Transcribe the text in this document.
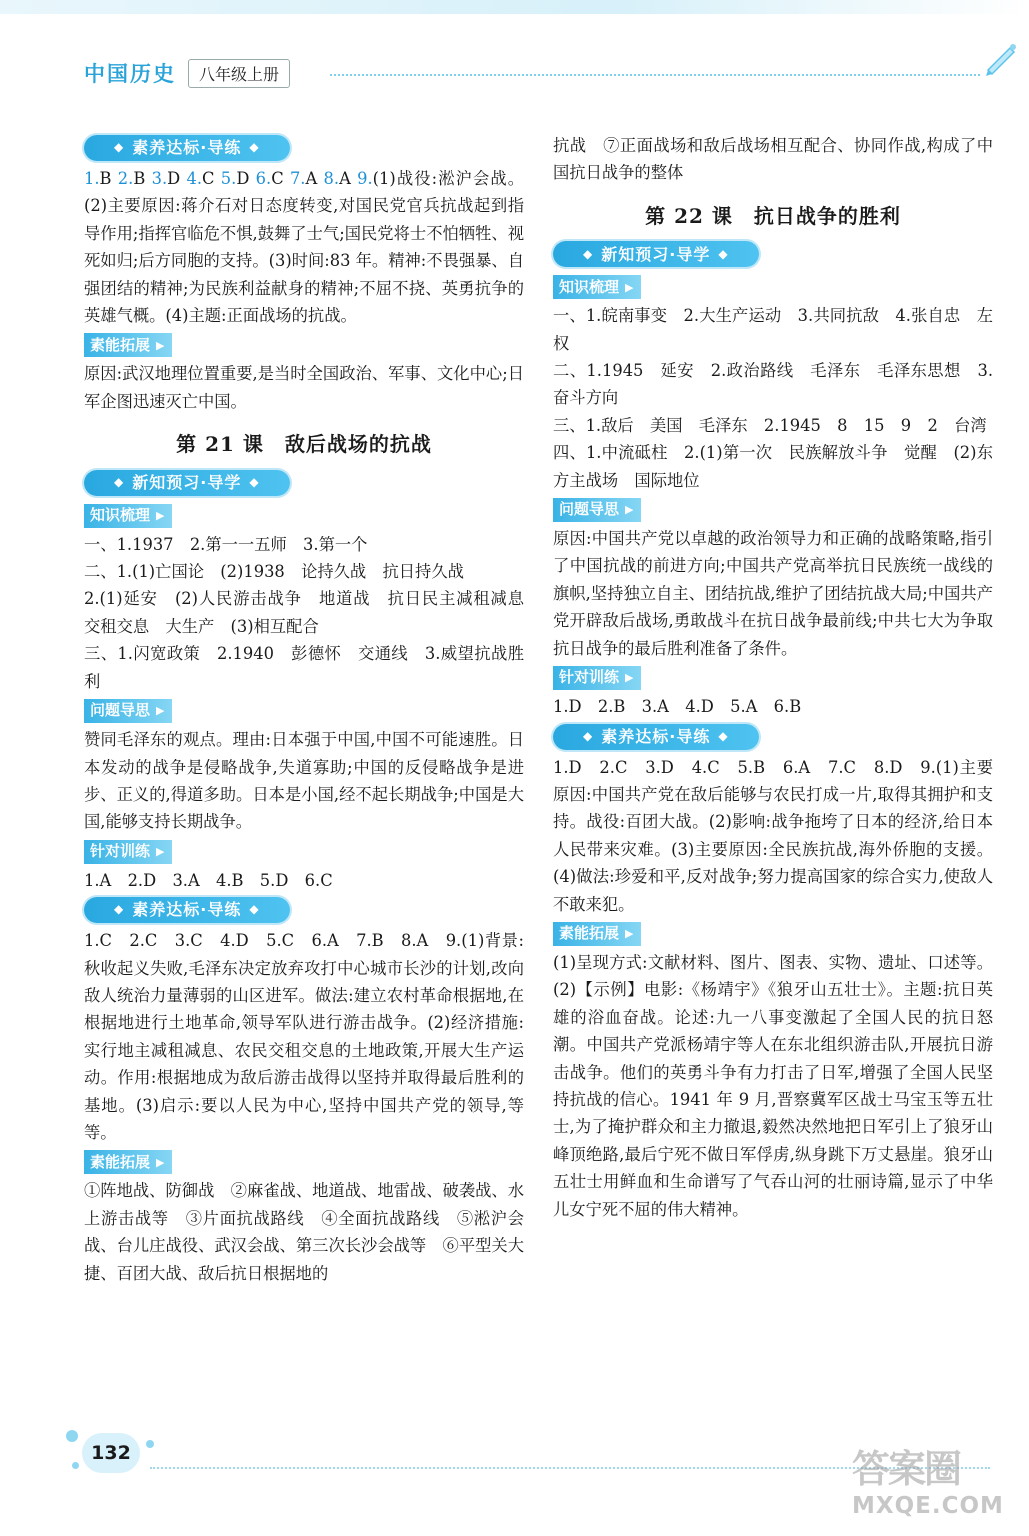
中国历史	八年级上册
◆ 素养达标·导练 ◆

1.B 2.B 3.D 4.C 5.D 6.C 7.A 8.A 9.(1)战役:淞沪会战。(2)主要原因:蒋介石对日态度转变,对国民党官兵抗战起到指导作用;指挥官临危不惧,鼓舞了士气;国民党将士不怕牺牲、视死如归;后方同胞的支持。(3)时间:83 年。精神:不畏强暴、自强团结的精神;为民族利益献身的精神;不屈不挠、英勇抗争的英雄气概。(4)主题:正面战场的抗战。

素能拓展 ▶

原因:武汉地理位置重要,是当时全国政治、军事、文化中心;日军企图迅速灭亡中国。

第 21 课　敌后战场的抗战
◆ 新知预习·导学 ◆

知识梳理 ▶

一、1.1937　2.第一一五师　3.第一个

二、1.(1)亡国论　(2)1938　论持久战　抗日持久战

2.(1)延安　(2)人民游击战争　地道战　抗日民主减租减息　交租交息　大生产　(3)相互配合

三、1.闪宽政策　2.1940　彭德怀　交通线　3.威望抗战胜利

问题导思 ▶

赞同毛泽东的观点。理由:日本强于中国,中国不可能速胜。日本发动的战争是侵略战争,失道寡助;中国的反侵略战争是进步、正义的,得道多助。日本是小国,经不起长期战争;中国是大国,能够支持长期战争。

针对训练 ▶

1.A　2.D　3.A　4.B　5.D　6.C

◆ 素养达标·导练 ◆

1.C　2.C　3.C　4.D　5.C　6.A　7.B　8.A　9.(1)背景:秋收起义失败,毛泽东决定放弃攻打中心城市长沙的计划,改向敌人统治力量薄弱的山区进军。做法:建立农村革命根据地,在根据地进行土地革命,领导军队进行游击战争。(2)经济措施:实行地主减租减息、农民交租交息的土地政策,开展大生产运动。作用:根据地成为敌后游击战得以坚持并取得最后胜利的基地。(3)启示:要以人民为中心,坚持中国共产党的领导,等等。

素能拓展 ▶

①阵地战、防御战　②麻雀战、地道战、地雷战、破袭战、水上游击战等　③片面抗战路线　④全面抗战路线　⑤淞沪会战、台儿庄战役、武汉会战、第三次长沙会战等　⑥平型关大捷、百团大战、敌后抗日根据地的

抗战　⑦正面战场和敌后战场相互配合、协同作战,构成了中国抗日战争的整体

第 22 课　抗日战争的胜利
◆ 新知预习·导学 ◆

知识梳理 ▶

一、1.皖南事变　2.大生产运动　3.共同抗敌　4.张自忠　左权

二、1.1945　延安　2.政治路线　毛泽东　毛泽东思想　3.奋斗方向

三、1.敌后　美国　毛泽东　2.1945　8　15　9　2　台湾

四、1.中流砥柱　2.(1)第一次　民族解放斗争　觉醒　(2)东方主战场　国际地位

问题导思 ▶

原因:中国共产党以卓越的政治领导力和正确的战略策略,指引了中国抗战的前进方向;中国共产党高举抗日民族统一战线的旗帜,坚持独立自主、团结抗战,维护了团结抗战大局;中国共产党开辟敌后战场,勇敢战斗在抗日战争最前线;中共七大为争取抗日战争的最后胜利准备了条件。

针对训练 ▶

1.D　2.B　3.A　4.D　5.A　6.B

◆ 素养达标·导练 ◆

1.D　2.C　3.D　4.C　5.B　6.A　7.C　8.D　9.(1)主要原因:中国共产党在敌后能够与农民打成一片,取得其拥护和支持。战役:百团大战。(2)影响:战争拖垮了日本的经济,给日本人民带来灾难。(3)主要原因:全民族抗战,海外侨胞的支援。(4)做法:珍爱和平,反对战争;努力提高国家的综合实力,使敌人不敢来犯。

素能拓展 ▶

(1)呈现方式:文献材料、图片、图表、实物、遗址、口述等。(2)【示例】电影:《杨靖宇》《狼牙山五壮士》。主题:抗日英雄的浴血奋战。论述:九一八事变激起了全国人民的抗日怒潮。中国共产党派杨靖宇等人在东北组织游击队,开展抗日游击战争。他们的英勇斗争有力打击了日军,增强了全国人民坚持抗战的信心。1941 年 9 月,晋察冀军区战士马宝玉等五壮士,为了掩护群众和主力撤退,毅然决然地把日军引上了狼牙山峰顶绝路,最后宁死不做日军俘虏,纵身跳下万丈悬崖。狼牙山五壮士用鲜血和生命谱写了气吞山河的壮丽诗篇,显示了中华儿女宁死不屈的伟大精神。

132	答案圈
MXQE.COM
